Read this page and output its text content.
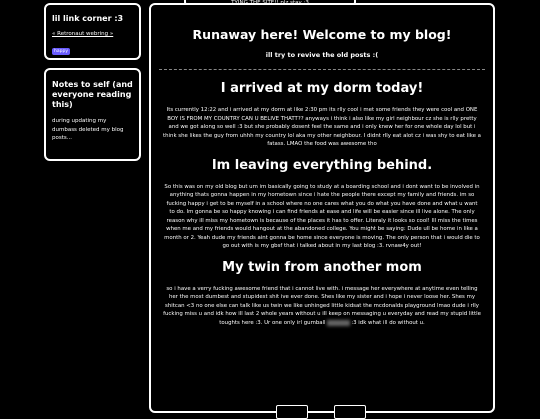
lil link corner :3
« Retronaut webring »
happy
Notes to self (and everyone reading this)
during updating my dumbass deleted my blog posts...
Runaway here! Welcome to my blog!
ill try to revive the old posts :(
I arrived at my dorm today!

Its currently 12:22 and i arrived at my dorm at like 2:30 pm its rlly cool i met some friends they were cool and ONE BOY IS FROM MY COUNTRY CAN U BELIVE THATT?? anyways i think i also like my girl neighbour cz she is rlly pretty and we got along so well :3 but she probably dosent feel the same and i only knew her for one whole day lol but i think she likes the guy from uhhh my country lol aka my other neighbour. I didnt rlly eat alot cz i was shy to eat like a fatass. LMAO the food was awesome tho

Im leaving everything behind.

So this was on my old blog but um im basically going to study at a boarding school and i dont want to be involved in anything thats gonna happen in my hometown since i hate the people there except my family and friends. im so fucking happy i get to be myself in a school where no one cares what you do what you have done and what u want to do. Im gonna be so happy knowing i can find friends at ease and life will be easier since ill live alone. The only reason why ill miss my hometown is because of the places it has to offer. Literaly it looks so cool! Ill miss the times when me and my friends would hangout at the abandoned college. You might be saying: Dude ull be home in like a month or 2. Yeah dude my friends aint gonna be home since everyone is moving. The only person that i would die to go out with is my gbsf that i talked about in my last blog :3. rvnaw4y out!

My twin from another mom

so i have a verry fucking awesome friend that i cannot live with. i message her everywhere at anytime even telling her the most dumbest and stupidest shit ive ever done. Shes like my sister and i hope i never loose her. Shes my shitcan <3 no one else can talk like us twin we like unhinged little kidsat the mcdonalds playground lmao dude i rlly fucking miss u and idk how ill last 2 whole years without u ill keep on messaging u everyday and read my stupid little toughts here :3. Ur one only irl gumball xxxxxxx :3 idk what ill do without u.
